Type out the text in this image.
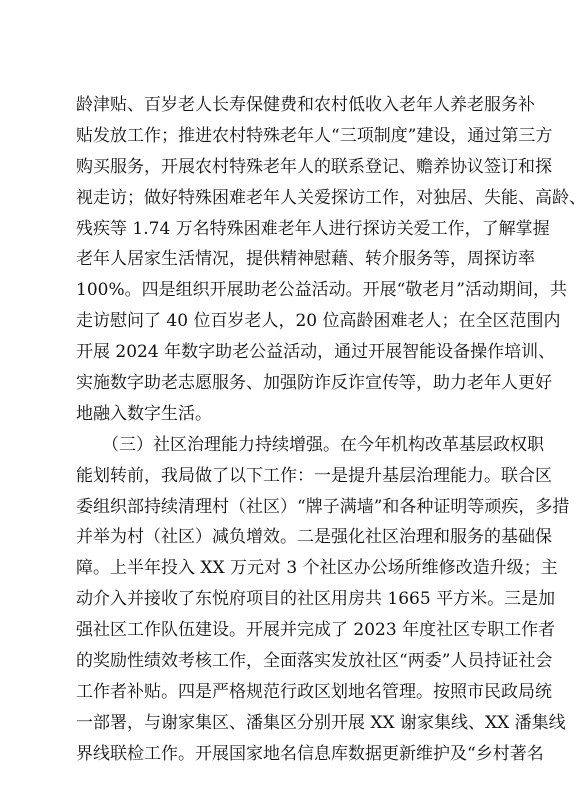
龄津贴、百岁老人长寿保健费和农村低收入老年人养老服务补
贴发放工作；推进农村特殊老年人“三项制度”建设，通过第三方
购买服务，开展农村特殊老年人的联系登记、赡养协议签订和探
视走访；做好特殊困难老年人关爱探访工作，对独居、失能、高龄、
残疾等 1.74 万名特殊困难老年人进行探访关爱工作，了解掌握
老年人居家生活情况，提供精神慰藉、转介服务等，周探访率
100%。四是组织开展助老公益活动。开展“敬老月”活动期间，共
走访慰问了 40 位百岁老人，20 位高龄困难老人；在全区范围内
开展 2024 年数字助老公益活动，通过开展智能设备操作培训、
实施数字助老志愿服务、加强防诈反诈宣传等，助力老年人更好
地融入数字生活。
（三）社区治理能力持续增强。在今年机构改革基层政权职
能划转前，我局做了以下工作：一是提升基层治理能力。联合区
委组织部持续清理村（社区）“牌子满墙”和各种证明等顽疾，多措
并举为村（社区）减负增效。二是强化社区治理和服务的基础保
障。上半年投入 XX 万元对 3 个社区办公场所维修改造升级；主
动介入并接收了东悦府项目的社区用房共 1665 平方米。三是加
强社区工作队伍建设。开展并完成了 2023 年度社区专职工作者
的奖励性绩效考核工作，全面落实发放社区“两委”人员持证社会
工作者补贴。四是严格规范行政区划地名管理。按照市民政局统
一部署，与谢家集区、潘集区分别开展 XX 谢家集线、XX 潘集线
界线联检工作。开展国家地名信息库数据更新维护及“乡村著名
